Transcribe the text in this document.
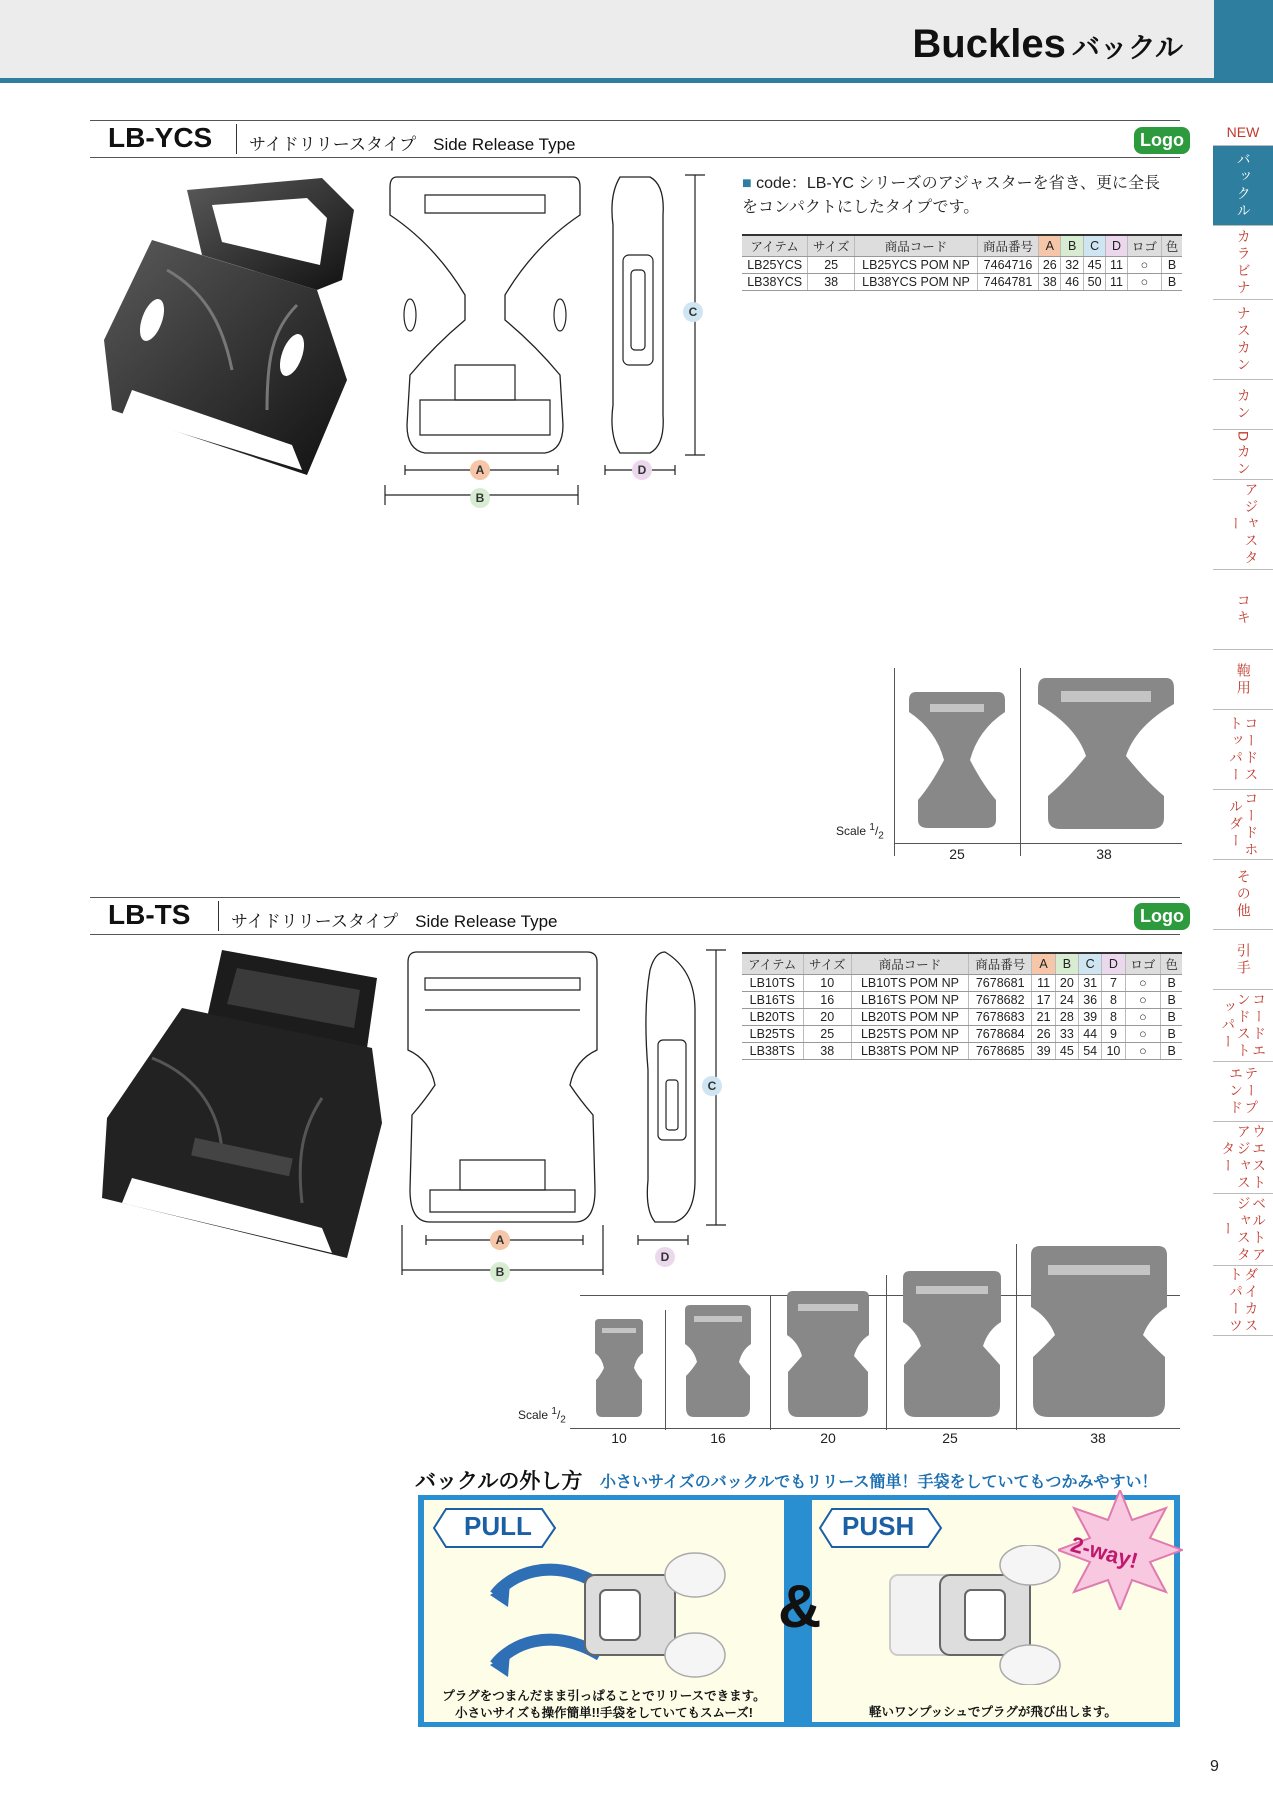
Buckles バックル
NEW
バックル
カラビナ
ナスカン
カン
Dカン
アジャスター
コキ
鞄用
コードストッパー
コードホルダー
その他
引手
コードエンドストッパー
テープエンド
ウエストアジャスター
ベルトアジャスター
ダイカストパーツ
9
LB-YCS サイドリリースタイプ　Side Release Type	Logo
C
A
B
D
■ code：LB-YC シリーズのアジャスターを省き、更に全長をコンパクトにしたタイプです。
アイテム	サイズ	商品コード	商品番号	A	B	C	D	ロゴ	色
LB25YCS	25	LB25YCS POM NP	7464716	26	32	45	11	○	B
LB38YCS	38	LB38YCS POM NP	7464781	38	46	50	11	○	B
Scale $^1/_2$
25	38
LB-TS サイドリリースタイプ　Side Release Type	Logo
C
A
B
D
アイテム	サイズ	商品コード	商品番号	A	B	C	D	ロゴ	色
LB10TS	10	LB10TS POM NP	7678681	11	20	31	7	○	B
LB16TS	16	LB16TS POM NP	7678682	17	24	36	8	○	B
LB20TS	20	LB20TS POM NP	7678683	21	28	39	8	○	B
LB25TS	25	LB25TS POM NP	7678684	26	33	44	9	○	B
LB38TS	38	LB38TS POM NP	7678685	39	45	54	10	○	B
Scale $^1/_2$
10	16	20	25	38
バックルの外し方 小さいサイズのバックルでもリリース簡単！手袋をしていてもつかみやすい！
PULL	PUSH
&
2-way!
プラグをつまんだまま引っぱることでリリースできます。
小さいサイズも操作簡単!!手袋をしていてもスムーズ!	軽いワンプッシュでプラグが飛び出します。
